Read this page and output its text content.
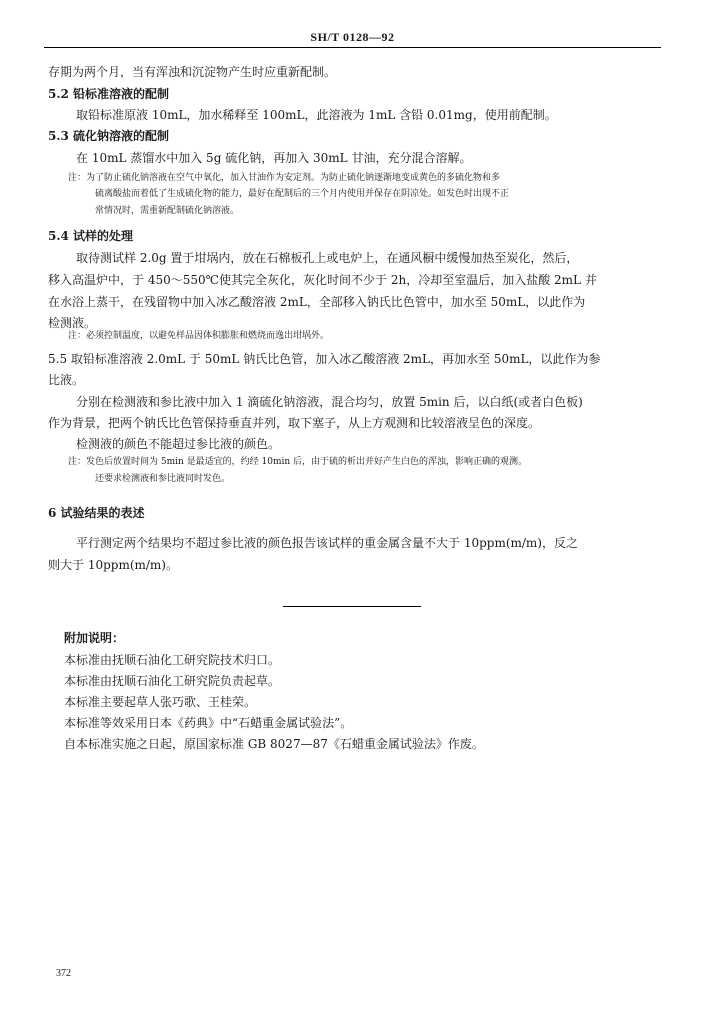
SH/T 0128—92
存期为两个月，当有浑浊和沉淀物产生时应重新配制。
5.2 铅标准溶液的配制
取铅标准原液 10mL，加水稀释至 100mL，此溶液为 1mL 含铅 0.01mg，使用前配制。
5.3 硫化钠溶液的配制
在 10mL 蒸馏水中加入 5g 硫化钠，再加入 30mL 甘油，充分混合溶解。
注：为了防止硫化钠溶液在空气中氧化，加入甘油作为安定剂。为防止硫化钠逐渐地变成黄色的多硫化物和多
硫离酸盐而着低了生成硫化物的能力，最好在配制后的三个月内使用并保存在阴凉处。如发色时出现不正
常情况时，需重新配制硫化钠溶液。
5.4 试样的处理
取待测试样 2.0g 置于坩埚内，放在石棉板孔上或电炉上，在通风橱中缓慢加热至炭化，然后，
移入高温炉中，于 450～550℃使其完全灰化，灰化时间不少于 2h，冷却至室温后，加入盐酸 2mL 并
在水浴上蒸干，在残留物中加入冰乙酸溶液 2mL，全部移入钠氏比色管中，加水至 50mL，以此作为
检测液。
注：必须控制温度，以避免样品因体积膨胀和燃烧而逸出坩埚外。
5.5 取铅标准溶液 2.0mL 于 50mL 钠氏比色管，加入冰乙酸溶液 2mL，再加水至 50mL，以此作为参
比液。
分别在检测液和参比液中加入 1 滴硫化钠溶液，混合均匀，放置 5min 后，以白纸(或者白色板)
作为背景，把两个钠氏比色管保持垂直并列，取下塞子，从上方观测和比较溶液呈色的深度。
检测液的颜色不能超过参比液的颜色。
注：发色后放置时间为 5min 是最适宜的，约经 10min 后，由于硫的析出并好产生白色的浑浊，影响正确的观测。
还要求检测液和参比液同时发色。
6 试验结果的表述
平行测定两个结果均不超过参比液的颜色报告该试样的重金属含量不大于 10ppm(m/m)，反之
则大于 10ppm(m/m)。
附加说明：
本标准由抚顺石油化工研究院技术归口。
本标准由抚顺石油化工研究院负责起草。
本标准主要起草人张巧歌、王桂荣。
本标准等效采用日本《药典》中“石蜡重金属试验法”。
自本标准实施之日起，原国家标准 GB 8027—87《石蜡重金属试验法》作废。
372
